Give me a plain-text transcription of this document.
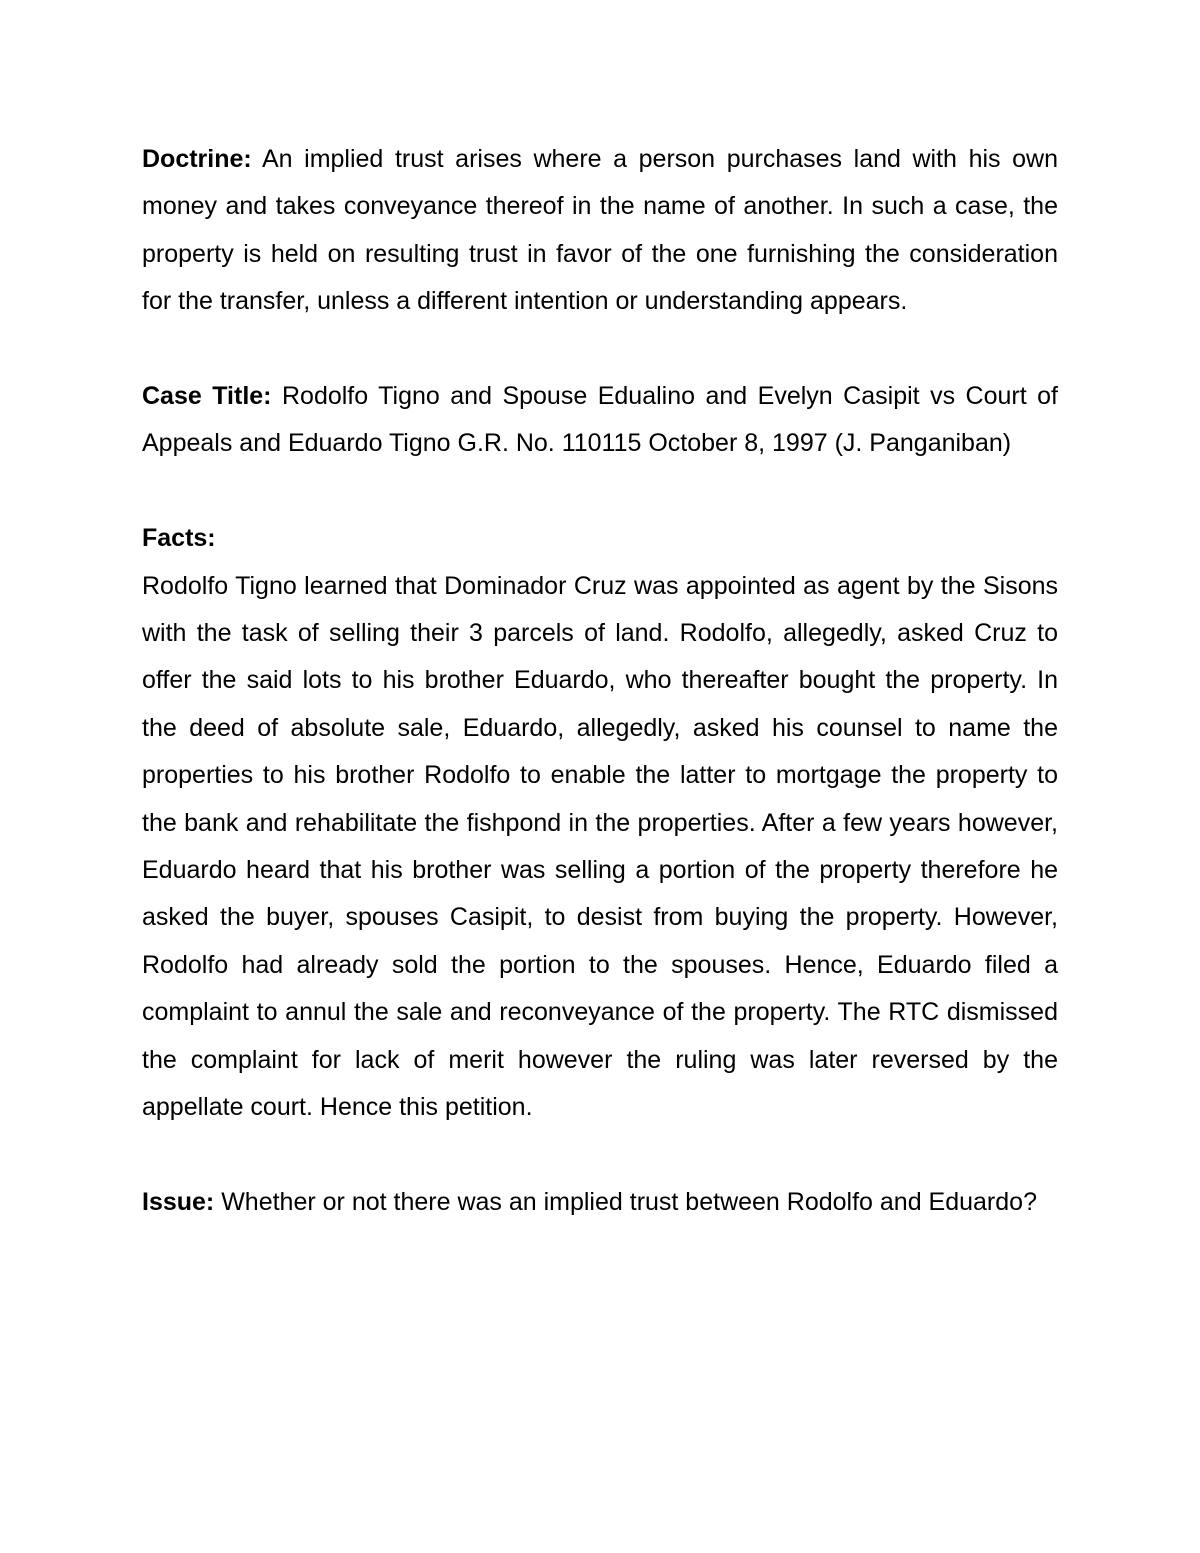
Doctrine: An implied trust arises where a person purchases land with his own money and takes conveyance thereof in the name of another. In such a case, the property is held on resulting trust in favor of the one furnishing the consideration for the transfer, unless a different intention or understanding appears.

Case Title: Rodolfo Tigno and Spouse Edualino and Evelyn Casipit vs Court of Appeals and Eduardo Tigno G.R. No. 110115 October 8, 1997 (J. Panganiban)

Facts:

Rodolfo Tigno learned that Dominador Cruz was appointed as agent by the Sisons with the task of selling their 3 parcels of land. Rodolfo, allegedly, asked Cruz to offer the said lots to his brother Eduardo, who thereafter bought the property. In the deed of absolute sale, Eduardo, allegedly, asked his counsel to name the properties to his brother Rodolfo to enable the latter to mortgage the property to the bank and rehabilitate the fishpond in the properties. After a few years however, Eduardo heard that his brother was selling a portion of the property therefore he asked the buyer, spouses Casipit, to desist from buying the property. However, Rodolfo had already sold the portion to the spouses. Hence, Eduardo filed a complaint to annul the sale and reconveyance of the property. The RTC dismissed the complaint for lack of merit however the ruling was later reversed by the appellate court. Hence this petition.

Issue: Whether or not there was an implied trust between Rodolfo and Eduardo?
